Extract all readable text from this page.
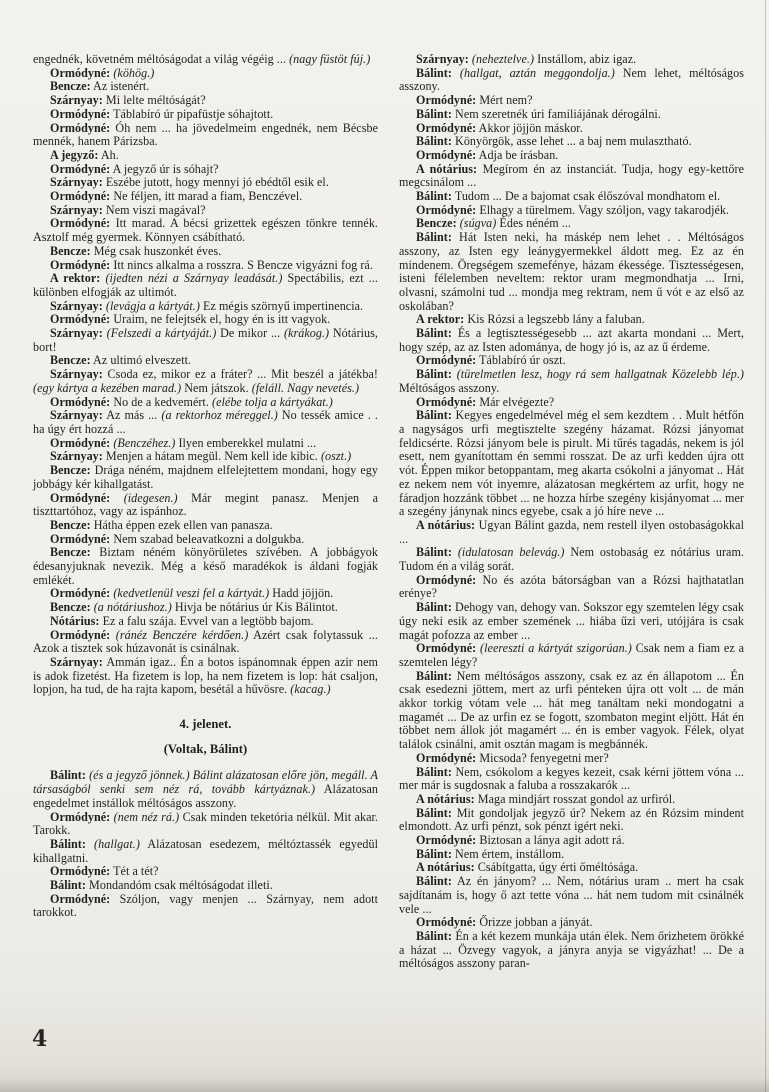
engednék, követném méltóságodat a világ végéig ... (nagy füstöt fúj.)

Ormódyné: (köhög.)

Bencze: Az istenért.

Szárnyay: Mi lelte méltóságát?

Ormódyné: Táblabíró úr pipafüstje sóhajtott.

Ormódyné: Óh nem ... ha jövedelmeim engednék, nem Bécsbe mennék, hanem Párizsba.

A jegyző: Ah.

Ormódyné: A jegyző úr is sóhajt?

Szárnyay: Eszébe jutott, hogy mennyi jó ebédtől esik el.

Ormódyné: Ne féljen, itt marad a fiam, Benczével.

Szárnyay: Nem viszi magával?

Ormódyné: Itt marad. A bécsi grizettek egészen tönkre tennék. Asztolf még gyermek. Könnyen csábítható.

Bencze: Még csak huszonkét éves.

Ormódyné: Itt nincs alkalma a rosszra. S Bencze vigyázni fog rá.

A rektor: (ijedten nézi a Szárnyay leadását.) Spectábilis, ezt ... különben elfogják az ultimót.

Szárnyay: (levágja a kártyát.) Ez mégis szörnyű impertinencia.

Ormódyné: Uraim, ne felejtsék el, hogy én is itt vagyok.

Szárnyay: (Felszedi a kártyáját.) De mikor ... (krákog.) Nótárius, bort!

Bencze: Az ultimó elveszett.

Szárnyay: Csoda ez, mikor ez a fráter? ... Mit beszél a játékba! (egy kártya a kezében marad.) Nem játszok. (feláll. Nagy nevetés.)

Ormódyné: No de a kedvemért. (elébe tolja a kártyákat.)

Szárnyay: Az más ... (a rektorhoz méreggel.) No tessék amice . . ha úgy ért hozzá ...

Ormódyné: (Benczéhez.) Ilyen emberekkel mulatni ...

Szárnyay: Menjen a hátam megül. Nem kell ide kibic. (oszt.)

Bencze: Drága néném, majdnem elfelejtettem mondani, hogy egy jobbágy kér kihallgatást.

Ormódyné: (idegesen.) Már megint panasz. Menjen a tiszttartóhoz, vagy az ispánhoz.

Bencze: Hátha éppen ezek ellen van panasza.

Ormódyné: Nem szabad beleavatkozni a dolgukba.

Bencze: Biztam néném könyörületes szívében. A jobbágyok édesanyjuknak nevezik. Még a késő maradékok is áldani fogják emlékét.

Ormódyné: (kedvetlenül veszi fel a kártyát.) Hadd jöjjön.

Bencze: (a nótáriushoz.) Hivja be nótárius úr Kis Bálintot.

Nótárius: Ez a falu szája. Evvel van a legtöbb bajom.

Ormódyné: (ránéz Benczére kérdően.) Azért csak folytassuk ... Azok a tisztek sok húzavonát is csinálnak.

Szárnyay: Ammán igaz.. Én a botos ispánomnak éppen azir nem is adok fizetést. Ha fizetem is lop, ha nem fizetem is lop: hát csaljon, lopjon, ha tud, de ha rajta kapom, besétál a hűvösre. (kacag.)

4. jelenet.

(Voltak, Bálint)

Bálint: (és a jegyző jönnek.) Bálint alázatosan előre jön, megáll. A társaságból senki sem néz rá, tovább kártyáznak.) Alázatosan engedelmet instállok méltóságos asszony.

Ormódyné: (nem néz rá.) Csak minden teketória nélkül. Mit akar. Tarokk.

Bálint: (hallgat.) Alázatosan esedezem, méltóztassék egyedül kihallgatni.

Ormódyné: Tét a tét?

Bálint: Mondandóm csak méltóságodat illeti.

Ormódyné: Szóljon, vagy menjen ... Szárnyay, nem adott tarokkot.

Szárnyay: (neheztelve.) Instállom, abiz igaz.

Bálint: (hallgat, aztán meggondolja.) Nem lehet, méltóságos asszony.

Ormódyné: Mért nem?

Bálint: Nem szeretnék úri familiájának dérogálni.

Ormódyné: Akkor jöjjön máskor.

Bálint: Könyörgök, asse lehet ... a baj nem mulasztható.

Ormódyné: Adja be írásban.

A nótárius: Megírom én az instanciát. Tudja, hogy egy-kettőre megcsinálom ...

Bálint: Tudom ... De a bajomat csak élőszóval mondhatom el.

Ormódyné: Elhagy a türelmem. Vagy szóljon, vagy takarodjék.

Bencze: (súgva) Édes néném ...

Bálint: Hát Isten neki, ha máskép nem lehet . . Méltóságos asszony, az Isten egy leánygyermekkel áldott meg. Ez az én mindenem. Öregségem szemefénye, házam ékessége. Tisztességesen, isteni félelemben neveltem: rektor uram megmondhatja ... Irni, olvasni, számolni tud ... mondja meg rektram, nem ű vót e az első az oskolában?

A rektor: Kis Rózsi a legszebb lány a faluban.

Bálint: És a legtisztességesebb ... azt akarta mondani ... Mert, hogy szép, az az Isten adománya, de hogy jó is, az az ű érdeme.

Ormódyné: Táblabíró úr oszt.

Bálint: (türelmetlen lesz, hogy rá sem hallgatnak Közelebb lép.) Méltóságos asszony.

Ormódyné: Már elvégezte?

Bálint: Kegyes engedelmével még el sem kezdtem . . Mult hétfőn a nagyságos urfi megtisztelte szegény házamat. Rózsi jányomat feldicsérte. Rózsi jányom bele is pirult. Mi tűrés tagadás, nekem is jól esett, nem gyanítottam én semmi rosszat. De az urfi kedden újra ott vót. Éppen mikor betoppantam, meg akarta csókolni a jányomat .. Hát ez nekem nem vót inyemre, alázatosan megkértem az urfit, hogy ne fáradjon hozzánk többet ... ne hozza hírbe szegény kisjányomat ... mer a szegény jánynak nincs egyebe, csak a jó híre neve ...

A nótárius: Ugyan Bálint gazda, nem restell ilyen ostobaságokkal ...

Bálint: (idulatosan belevág.) Nem ostobaság ez nótárius uram. Tudom én a világ sorát.

Ormódyné: No és azóta bátorságban van a Rózsi hajthatatlan erénye?

Bálint: Dehogy van, dehogy van. Sokszor egy szemtelen légy csak úgy neki esik az ember szemének ... hiába űzi veri, utójjára is csak magát pofozza az ember ...

Ormódyné: (leereszti a kártyát szigorúan.) Csak nem a fiam ez a szemtelen légy?

Bálint: Nem méltóságos asszony, csak ez az én állapotom ... Én csak esedezni jöttem, mert az urfi pénteken újra ott volt ... de mán akkor torkig vótam vele ... hát meg tanáltam neki mondogatni a magamét ... De az urfin ez se fogott, szombaton megint eljött. Hát én többet nem állok jót magamért ... én is ember vagyok. Félek, olyat találok csinálni, amit osztán magam is megbánnék.

Ormódyné: Micsoda? fenyegetni mer?

Bálint: Nem, csókolom a kegyes kezeit, csak kérni jöttem vóna ... mer már is sugdosnak a faluba a rosszakarók ...

A nótárius: Maga mindjárt rosszat gondol az urfiról.

Bálint: Mit gondoljak jegyző úr? Nekem az én Rózsim mindent elmondott. Az urfi pénzt, sok pénzt igért neki.

Ormódyné: Biztosan a lánya agit adott rá.

Bálint: Nem értem, instállom.

A nótárius: Csábítgatta, úgy érti őméltósága.

Bálint: Az én jányom? ... Nem, nótárius uram .. mert ha csak sajdítanám is, hogy ő azt tette vóna ... hát nem tudom mit csinálnék vele ...

Ormódyné: Őrizze jobban a jányát.

Bálint: Én a két kezem munkája után élek. Nem őrizhetem örökké a házat ... Özvegy vagyok, a jányra anyja se vigyázhat! ... De a méltóságos asszony paran-

4
